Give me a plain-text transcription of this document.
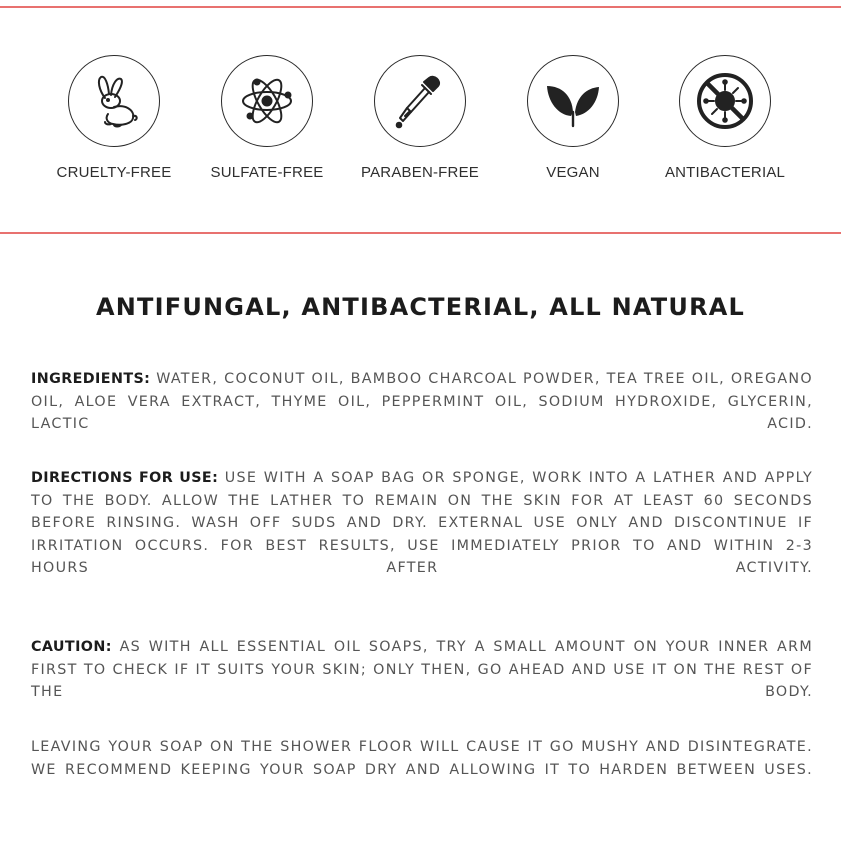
CRUELTY-FREE	SULFATE-FREE	PARABEN-FREE	VEGAN	ANTIBACTERIAL
ANTIFUNGAL, ANTIBACTERIAL, ALL NATURAL
INGREDIENTS: WATER, COCONUT OIL, BAMBOO CHARCOAL POWDER, TEA TREE OIL, OREGANO OIL, ALOE VERA EXTRACT, THYME OIL, PEPPERMINT OIL, SODIUM HYDROXIDE, GLYCERIN, LACTIC ACID.
DIRECTIONS FOR USE: USE WITH A SOAP BAG OR SPONGE, WORK INTO A LATHER AND APPLY TO THE BODY. ALLOW THE LATHER TO REMAIN ON THE SKIN FOR AT LEAST 60 SECONDS BEFORE RINSING. WASH OFF SUDS AND DRY. EXTERNAL USE ONLY AND DISCONTINUE IF IRRITATION OCCURS. FOR BEST RESULTS, USE IMMEDIATELY PRIOR TO AND WITHIN 2-3 HOURS AFTER ACTIVITY.
CAUTION: AS WITH ALL ESSENTIAL OIL SOAPS, TRY A SMALL AMOUNT ON YOUR INNER ARM FIRST TO CHECK IF IT SUITS YOUR SKIN; ONLY THEN, GO AHEAD AND USE IT ON THE REST OF THE BODY.
LEAVING YOUR SOAP ON THE SHOWER FLOOR WILL CAUSE IT GO MUSHY AND DISINTEGRATE. WE RECOMMEND KEEPING YOUR SOAP DRY AND ALLOWING IT TO HARDEN BETWEEN USES.
